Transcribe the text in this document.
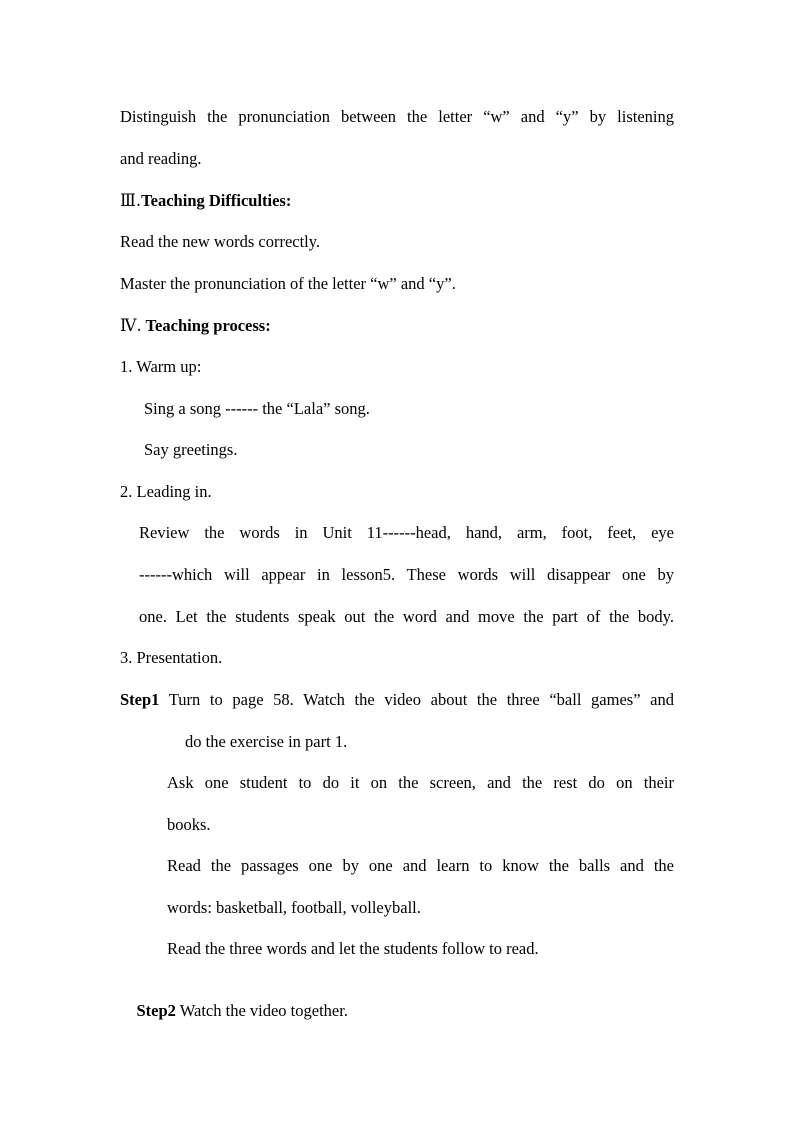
Distinguish the pronunciation between the letter “w” and “y” by listening
and reading.
Ⅲ.Teaching Difficulties:
Read the new words correctly.
Master the pronunciation of the letter “w” and “y”.
Ⅳ. Teaching process:
1. Warm up:
Sing a song ------ the “Lala” song.
Say greetings.
2. Leading in.
Review the words in Unit 11------head, hand, arm, foot, feet, eye
------which will appear in lesson5. These words will disappear one by
one. Let the students speak out the word and move the part of the body.
3. Presentation.
Step1 Turn to page 58. Watch the video about the three “ball games” and
do the exercise in part 1.
Ask one student to do it on the screen, and the rest do on their
books.
Read the passages one by one and learn to know the balls and the
words: basketball, football, volleyball.
Read the three words and let the students follow to read.

Step2 Watch the video together.
